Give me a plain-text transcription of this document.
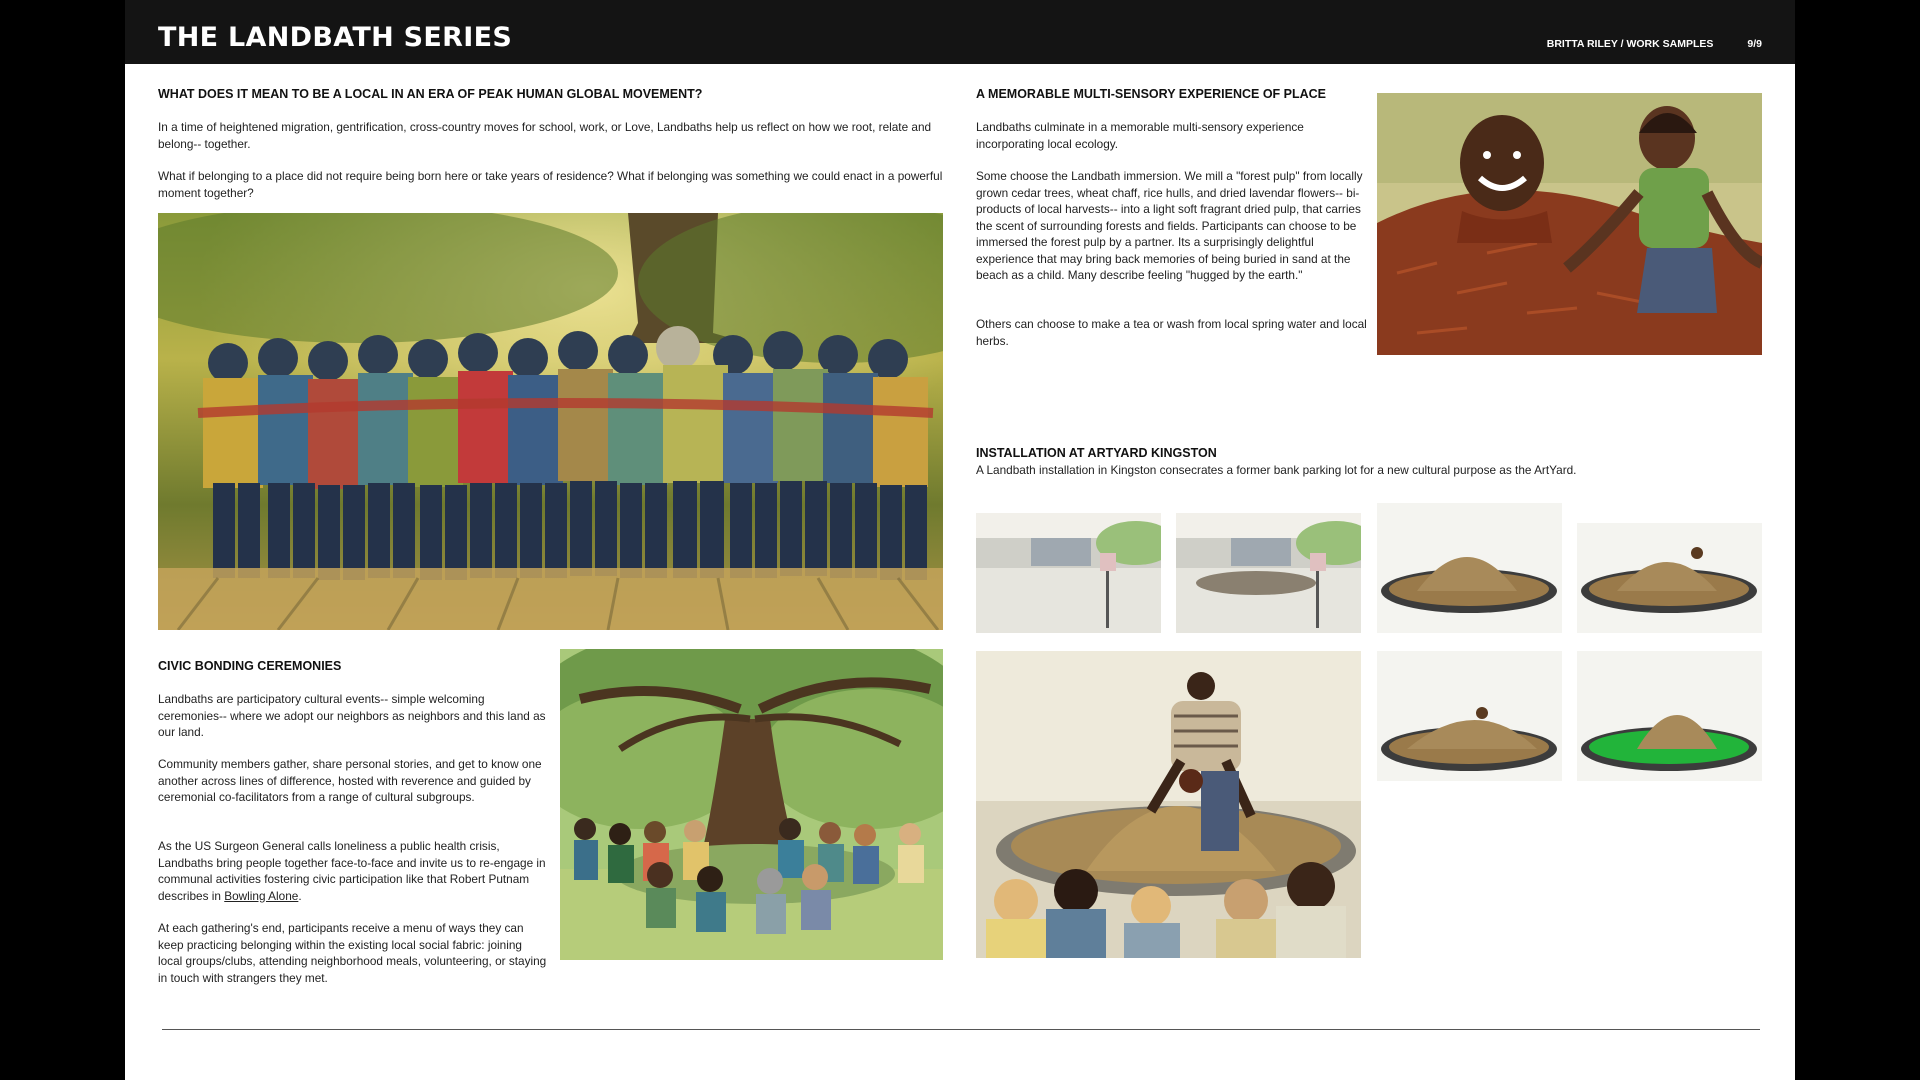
THE LANDBATH SERIES	BRITTA RILEY / WORK SAMPLES	9/9
WHAT DOES IT MEAN TO BE A LOCAL IN AN ERA OF PEAK HUMAN GLOBAL MOVEMENT?

In a time of heightened migration, gentrification, cross-country moves for school, work, or Love, Landbaths help us reflect on how we root, relate and belong-- together.

What if belonging to a place did not require being born here or take years of residence? What if belonging was something we could enact in a powerful moment together?

CIVIC BONDING CEREMONIES

Landbaths are participatory cultural events-- simple welcoming ceremonies-- where we adopt our neighbors as neighbors and this land as our land.

Community members gather, share personal stories, and get to know one another across lines of difference, hosted with reverence and guided by ceremonial co-facilitators from a range of cultural subgroups.

As the US Surgeon General calls loneliness a public health crisis, Landbaths bring people together face-to-face and invite us to re-engage in communal activities fostering civic participation like that Robert Putnam describes in Bowling Alone.

At each gathering's end, participants receive a menu of ways they can keep practicing belonging within the existing local social fabric: joining local groups/clubs, attending neighborhood meals, volunteering, or staying in touch with strangers they met.

A MEMORABLE MULTI-SENSORY EXPERIENCE OF PLACE

Landbaths culminate in a memorable multi-sensory experience incorporating local ecology.

Some choose the Landbath immersion. We mill a "forest pulp" from locally grown cedar trees, wheat chaff, rice hulls, and dried lavendar flowers-- bi-products of local harvests-- into a light soft fragrant dried pulp, that carries the scent of surrounding forests and fields. Participants can choose to be immersed the forest pulp by a partner. Its a surprisingly delightful experience that may bring back memories of being buried in sand at the beach as a child. Many describe feeling "hugged by the earth."

Others can choose to make a tea or wash from local spring water and local herbs.

INSTALLATION AT ARTYARD KINGSTON

A Landbath installation in Kingston consecrates a former bank parking lot for a new cultural purpose as the ArtYard.
